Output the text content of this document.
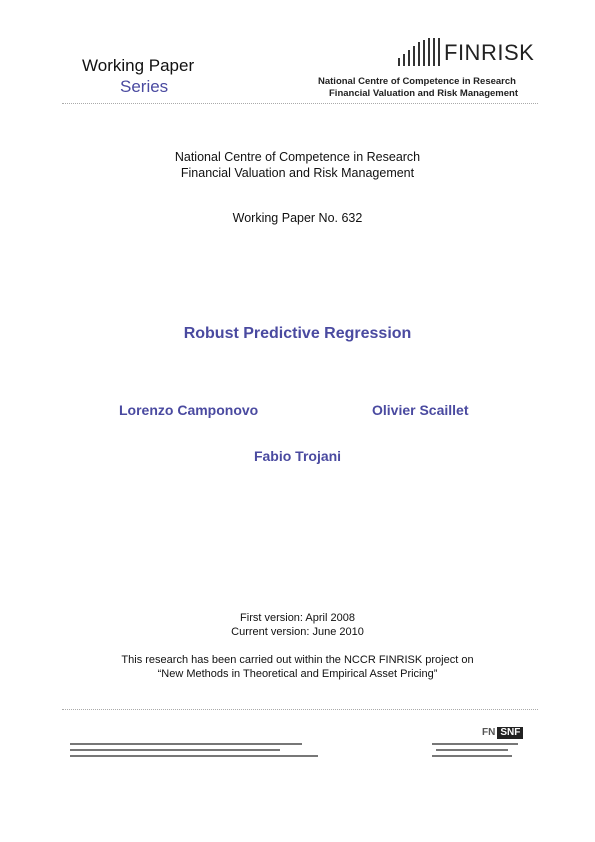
Working Paper
Series
FINRISK
National Centre of Competence in Research
Financial Valuation and Risk Management
National Centre of Competence in Research
Financial Valuation and Risk Management
Working Paper No. 632
Robust Predictive Regression
Lorenzo Camponovo	Olivier Scaillet
Fabio Trojani
First version: April 2008
Current version: June 2010
This research has been carried out within the NCCR FINRISK project on
“New Methods in Theoretical and Empirical Asset Pricing”
FN SNF
